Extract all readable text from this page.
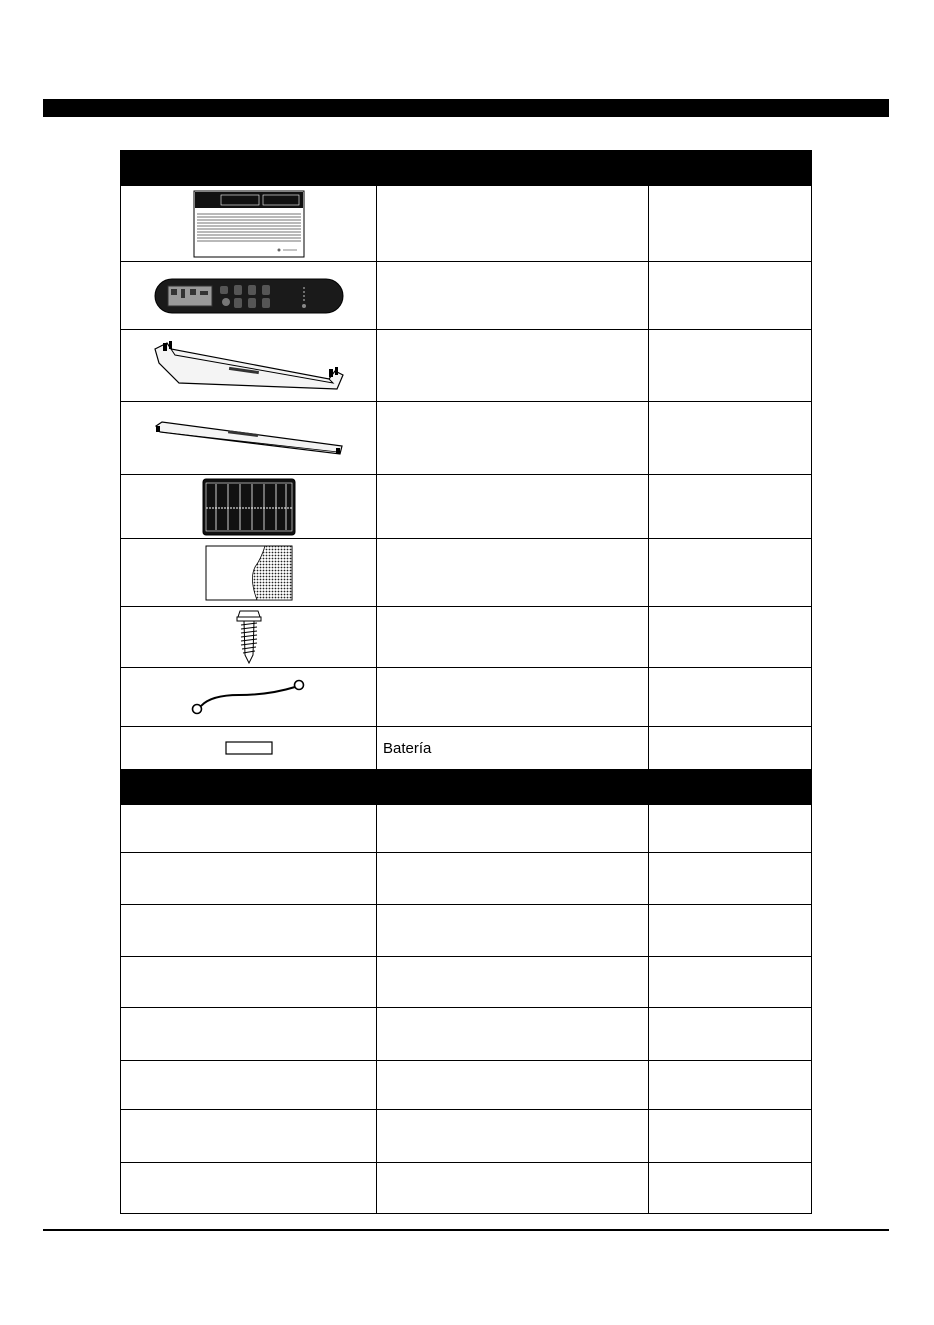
	Batería	
